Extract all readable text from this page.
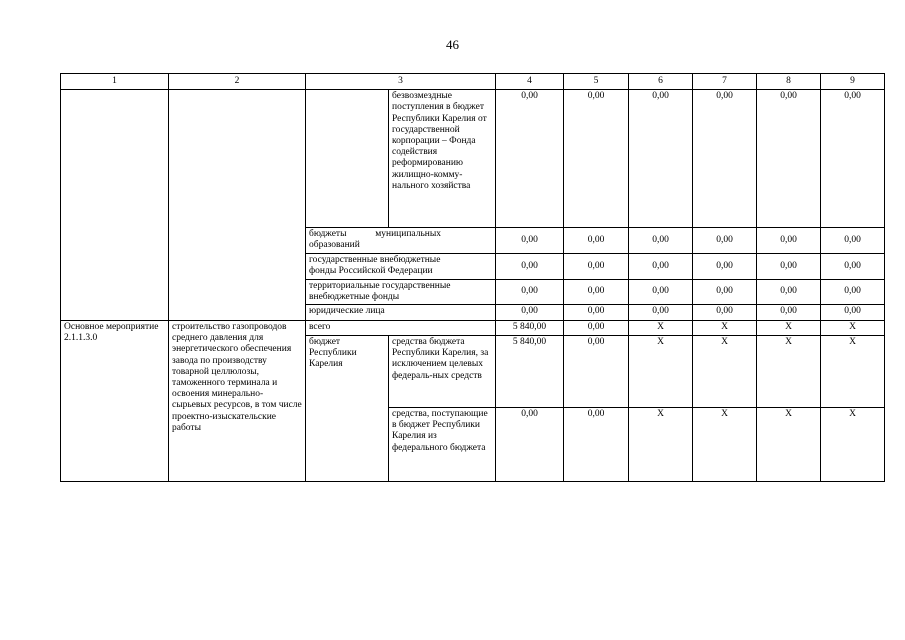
46
1	2	3		4	5	6	7	8	9
			безвозмездные поступления в бюджет Республики Карелия от государственной корпорации – Фонда содействия реформированию жилищно-комму-нального хозяйства	0,00	0,00	0,00	0,00	0,00	0,00

		бюджеты муниципальных
образований		0,00	0,00	0,00	0,00	0,00	0,00
		государственные внебюджетные фонды Российской Федерации		0,00	0,00	0,00	0,00	0,00	0,00
		территориальные государственные внебюджетные фонды		0,00	0,00	0,00	0,00	0,00	0,00
		юридические лица		0,00	0,00	0,00	0,00	0,00	0,00
Основное мероприятие 2.1.1.3.0	строительство газопроводов среднего давления для энергетического обеспечения завода по производству товарной целлюлозы, таможенного терминала и освоения минерально-сырьевых ресурсов, в том числе проектно-изыскательские работы	всего		5 840,00	0,00	X	X	X	X
		бюджет Республики Карелия	средства бюджета Республики Карелия, за исключением целевых федераль-ных средств	5 840,00	0,00	X	X	X	X
			средства, поступающие в бюджет Республики Карелия из федерального бюджета	0,00	0,00	X	X	X	X
